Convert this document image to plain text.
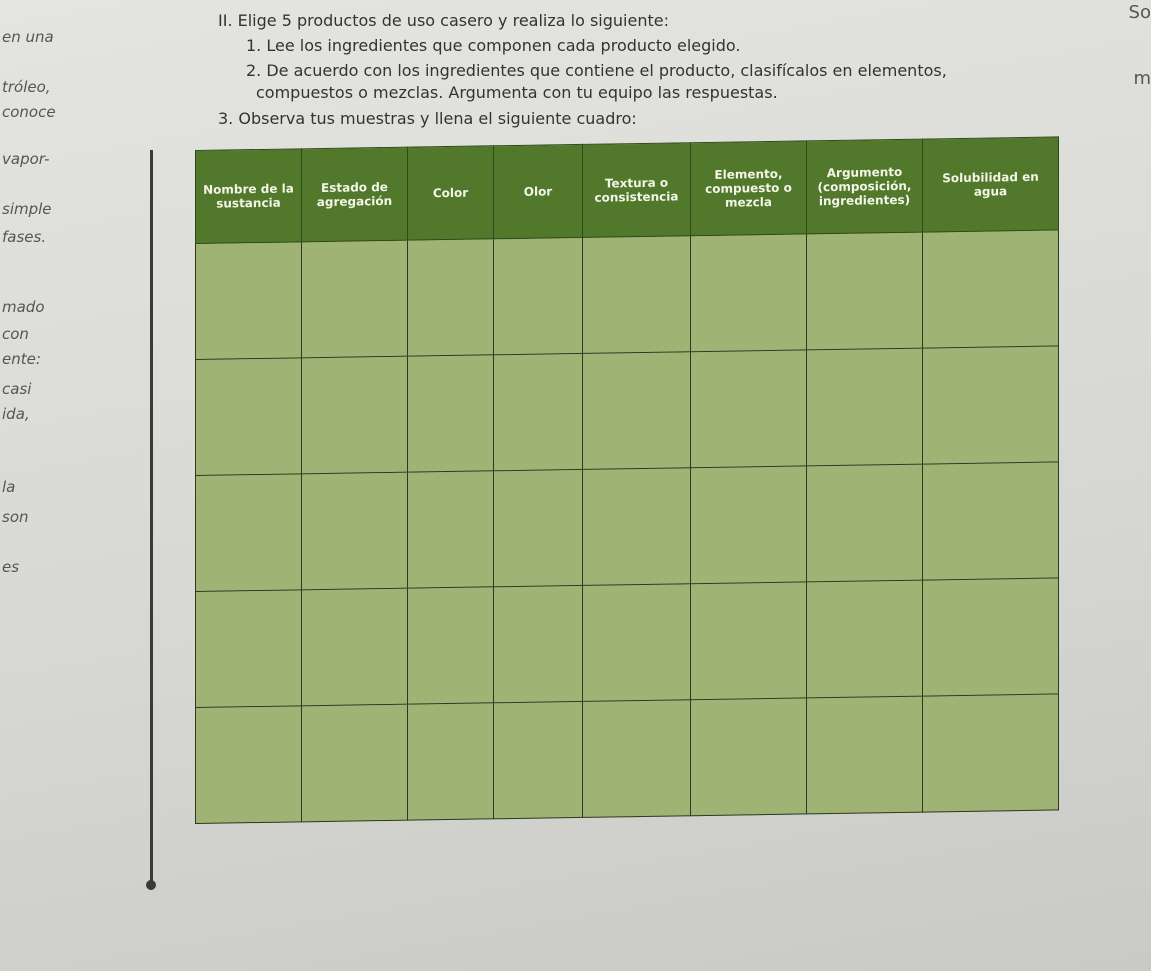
II. Elige 5 productos de uso casero y realiza lo siguiente:
1. Lee los ingredientes que componen cada producto elegido.
2. De acuerdo con los ingredientes que contiene el producto, clasifícalos en elementos,
compuestos o mezclas. Argumenta con tu equipo las respuestas.
3. Observa tus muestras y llena el siguiente cuadro:
en una
tróleo,
conoce
vapor-
simple
fases.
mado
con
ente:
casi
ida,
la
son
es
So
m
Nombre de la sustancia	Estado de agregación	Color	Olor	Textura o consistencia	Elemento, compuesto o mezcla	Argumento (composición, ingredientes)	Solubilidad en agua
